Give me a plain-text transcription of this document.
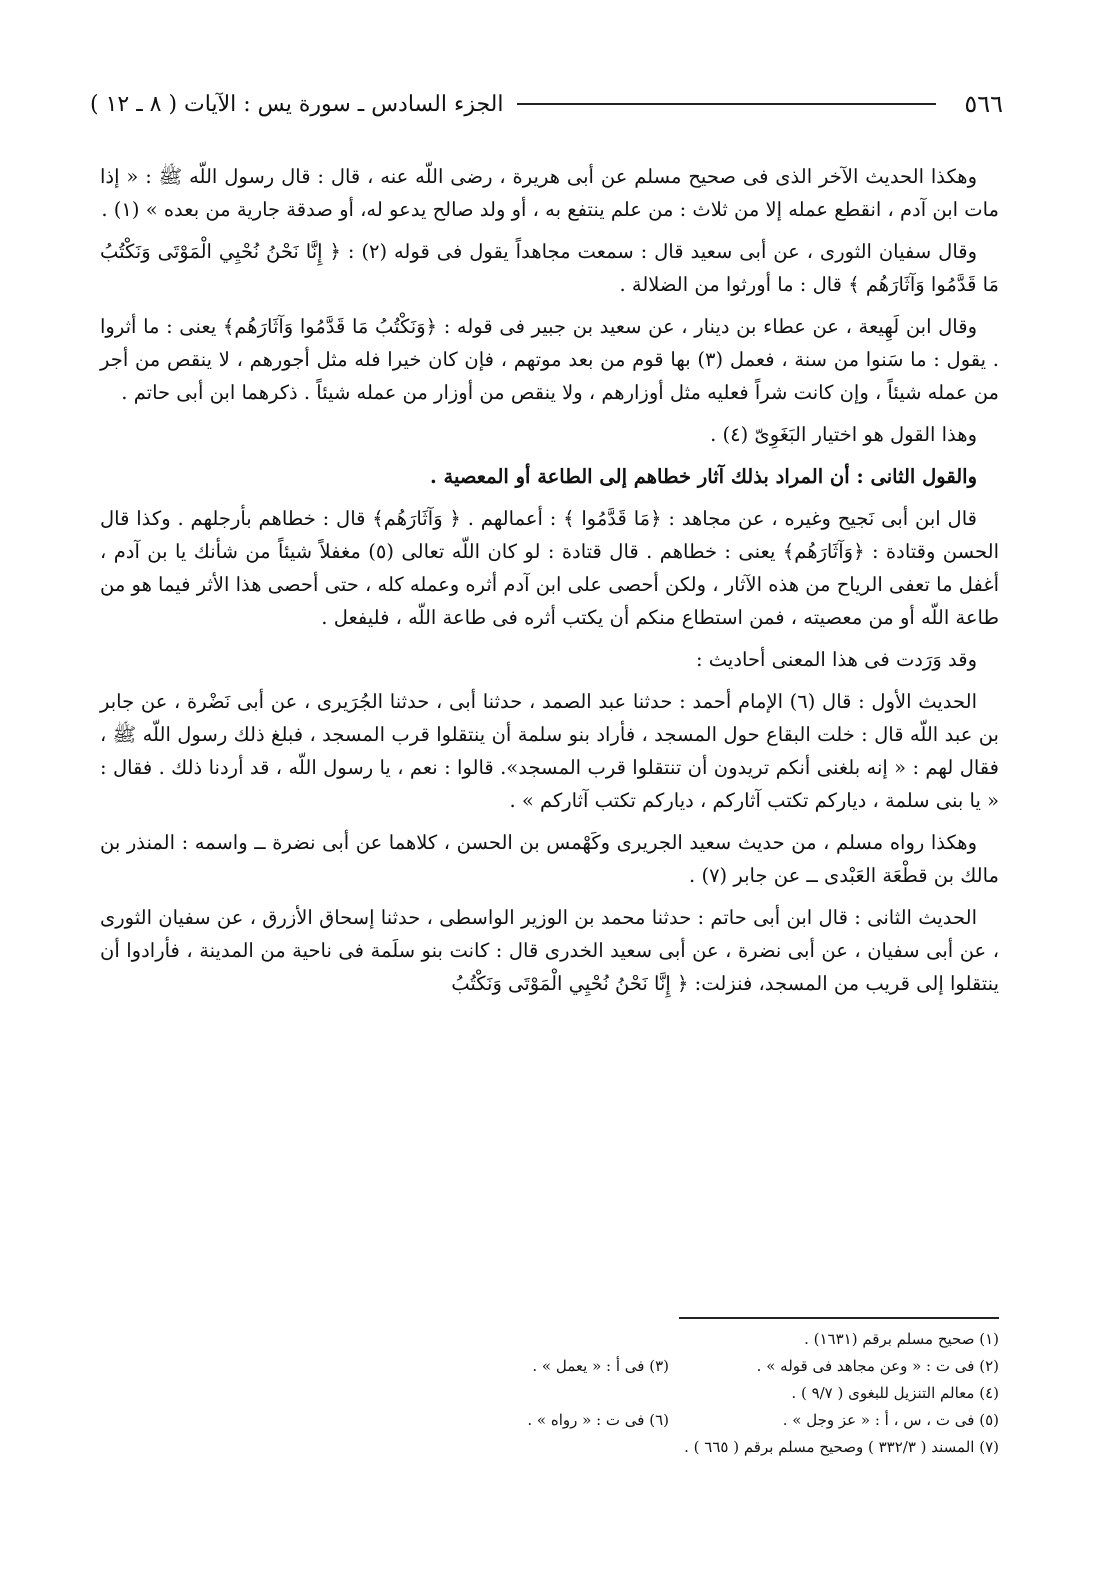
٥٦٦
الجزء السادس ـ سورة يس : الآيات ( ٨ ـ ١٢ )

وهكذا الحديث الآخر الذى فى صحيح مسلم عن أبى هريرة ، رضى اللّه عنه ، قال : قال رسول اللّه ﷺ : « إذا مات ابن آدم ، انقطع عمله إلا من ثلاث : من علم ينتفع به ، أو ولد صالح يدعو له، أو صدقة جارية من بعده » (١) .

وقال سفيان الثورى ، عن أبى سعيد قال : سمعت مجاهداً يقول فى قوله (٢) : ﴿ إِنَّا نَحْنُ نُحْيِي الْمَوْتَى وَنَكْتُبُ مَا قَدَّمُوا وَآثَارَهُم ﴾ قال : ما أورثوا من الضلالة .

وقال ابن لَهِيعة ، عن عطاء بن دينار ، عن سعيد بن جبير فى قوله : ﴿وَنَكْتُبُ مَا قَدَّمُوا وَآثَارَهُم﴾ يعنى : ما أثروا . يقول : ما سَنوا من سنة ، فعمل (٣) بها قوم من بعد موتهم ، فإن كان خيرا فله مثل أجورهم ، لا ينقص من أجر من عمله شيئاً ، وإن كانت شراً فعليه مثل أوزارهم ، ولا ينقص من أوزار من عمله شيئاً . ذكرهما ابن أبى حاتم .

وهذا القول هو اختيار البَغَوِىّ (٤) .

والقول الثانى : أن المراد بذلك آثار خطاهم إلى الطاعة أو المعصية .

قال ابن أبى نَجيح وغيره ، عن مجاهد : ﴿مَا قَدَّمُوا ﴾ : أعمالهم . ﴿ وَآثَارَهُم﴾ قال : خطاهم بأرجلهم . وكذا قال الحسن وقتادة : ﴿وَآثَارَهُم﴾ يعنى : خطاهم . قال قتادة : لو كان اللّه تعالى (٥) مغفلاً شيئاً من شأنك يا بن آدم ، أغفل ما تعفى الرياح من هذه الآثار ، ولكن أحصى على ابن آدم أثره وعمله كله ، حتى أحصى هذا الأثر فيما هو من طاعة اللّه أو من معصيته ، فمن استطاع منكم أن يكتب أثره فى طاعة اللّه ، فليفعل .

وقد وَرَدت فى هذا المعنى أحاديث :

الحديث الأول : قال (٦) الإمام أحمد : حدثنا عبد الصمد ، حدثنا أبى ، حدثنا الجُرَيرى ، عن أبى نَضْرة ، عن جابر بن عبد اللّه قال : خلت البقاع حول المسجد ، فأراد بنو سلمة أن ينتقلوا قرب المسجد ، فبلغ ذلك رسول اللّه ﷺ ، فقال لهم : « إنه بلغنى أنكم تريدون أن تنتقلوا قرب المسجد». قالوا : نعم ، يا رسول اللّه ، قد أردنا ذلك . فقال : « يا بنى سلمة ، دياركم تكتب آثاركم ، دياركم تكتب آثاركم » .

وهكذا رواه مسلم ، من حديث سعيد الجريرى وكَهْمس بن الحسن ، كلاهما عن أبى نضرة ــ واسمه : المنذر بن مالك بن قطْعَة العَبْدى ــ عن جابر (٧) .

الحديث الثانى : قال ابن أبى حاتم : حدثنا محمد بن الوزير الواسطى ، حدثنا إسحاق الأزرق ، عن سفيان الثورى ، عن أبى سفيان ، عن أبى نضرة ، عن أبى سعيد الخدرى قال : كانت بنو سلَمة فى ناحية من المدينة ، فأرادوا أن ينتقلوا إلى قريب من المسجد، فنزلت: ﴿ إِنَّا نَحْنُ نُحْيِي الْمَوْتَى وَنَكْتُبُ

(١) صحيح مسلم برقم (١٦٣١) .
(٢) فى ت : « وعن مجاهد فى قوله » .
(٣) فى أ : « يعمل » .
(٤) معالم التنزيل للبغوى ( ٩/٧ ) .
(٥) فى ت ، س ، أ : « عز وجل » .
(٦) فى ت : « رواه » .
(٧) المسند ( ٣٣٢/٣ ) وصحيح مسلم برقم ( ٦٦٥ ) .
